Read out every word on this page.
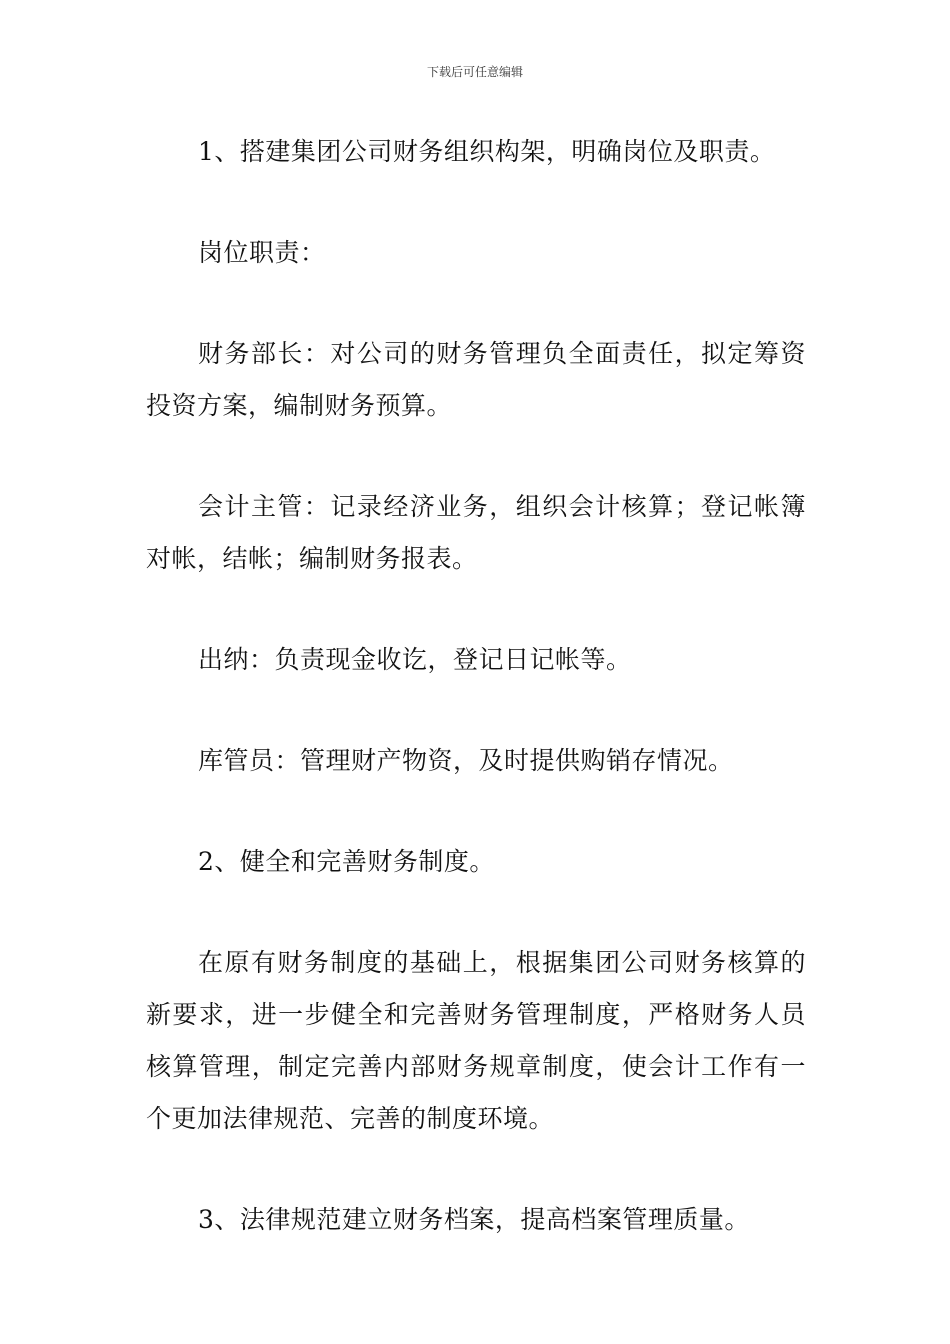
下载后可任意编辑

1、搭建集团公司财务组织构架，明确岗位及职责。

岗位职责：

财务部长：对公司的财务管理负全面责任，拟定筹资投资方案，编制财务预算。

会计主管：记录经济业务，组织会计核算；登记帐簿对帐，结帐；编制财务报表。

出纳：负责现金收讫，登记日记帐等。

库管员：管理财产物资，及时提供购销存情况。

2、健全和完善财务制度。

在原有财务制度的基础上，根据集团公司财务核算的新要求，进一步健全和完善财务管理制度，严格财务人员核算管理，制定完善内部财务规章制度，使会计工作有一个更加法律规范、完善的制度环境。

3、法律规范建立财务档案，提高档案管理质量。
